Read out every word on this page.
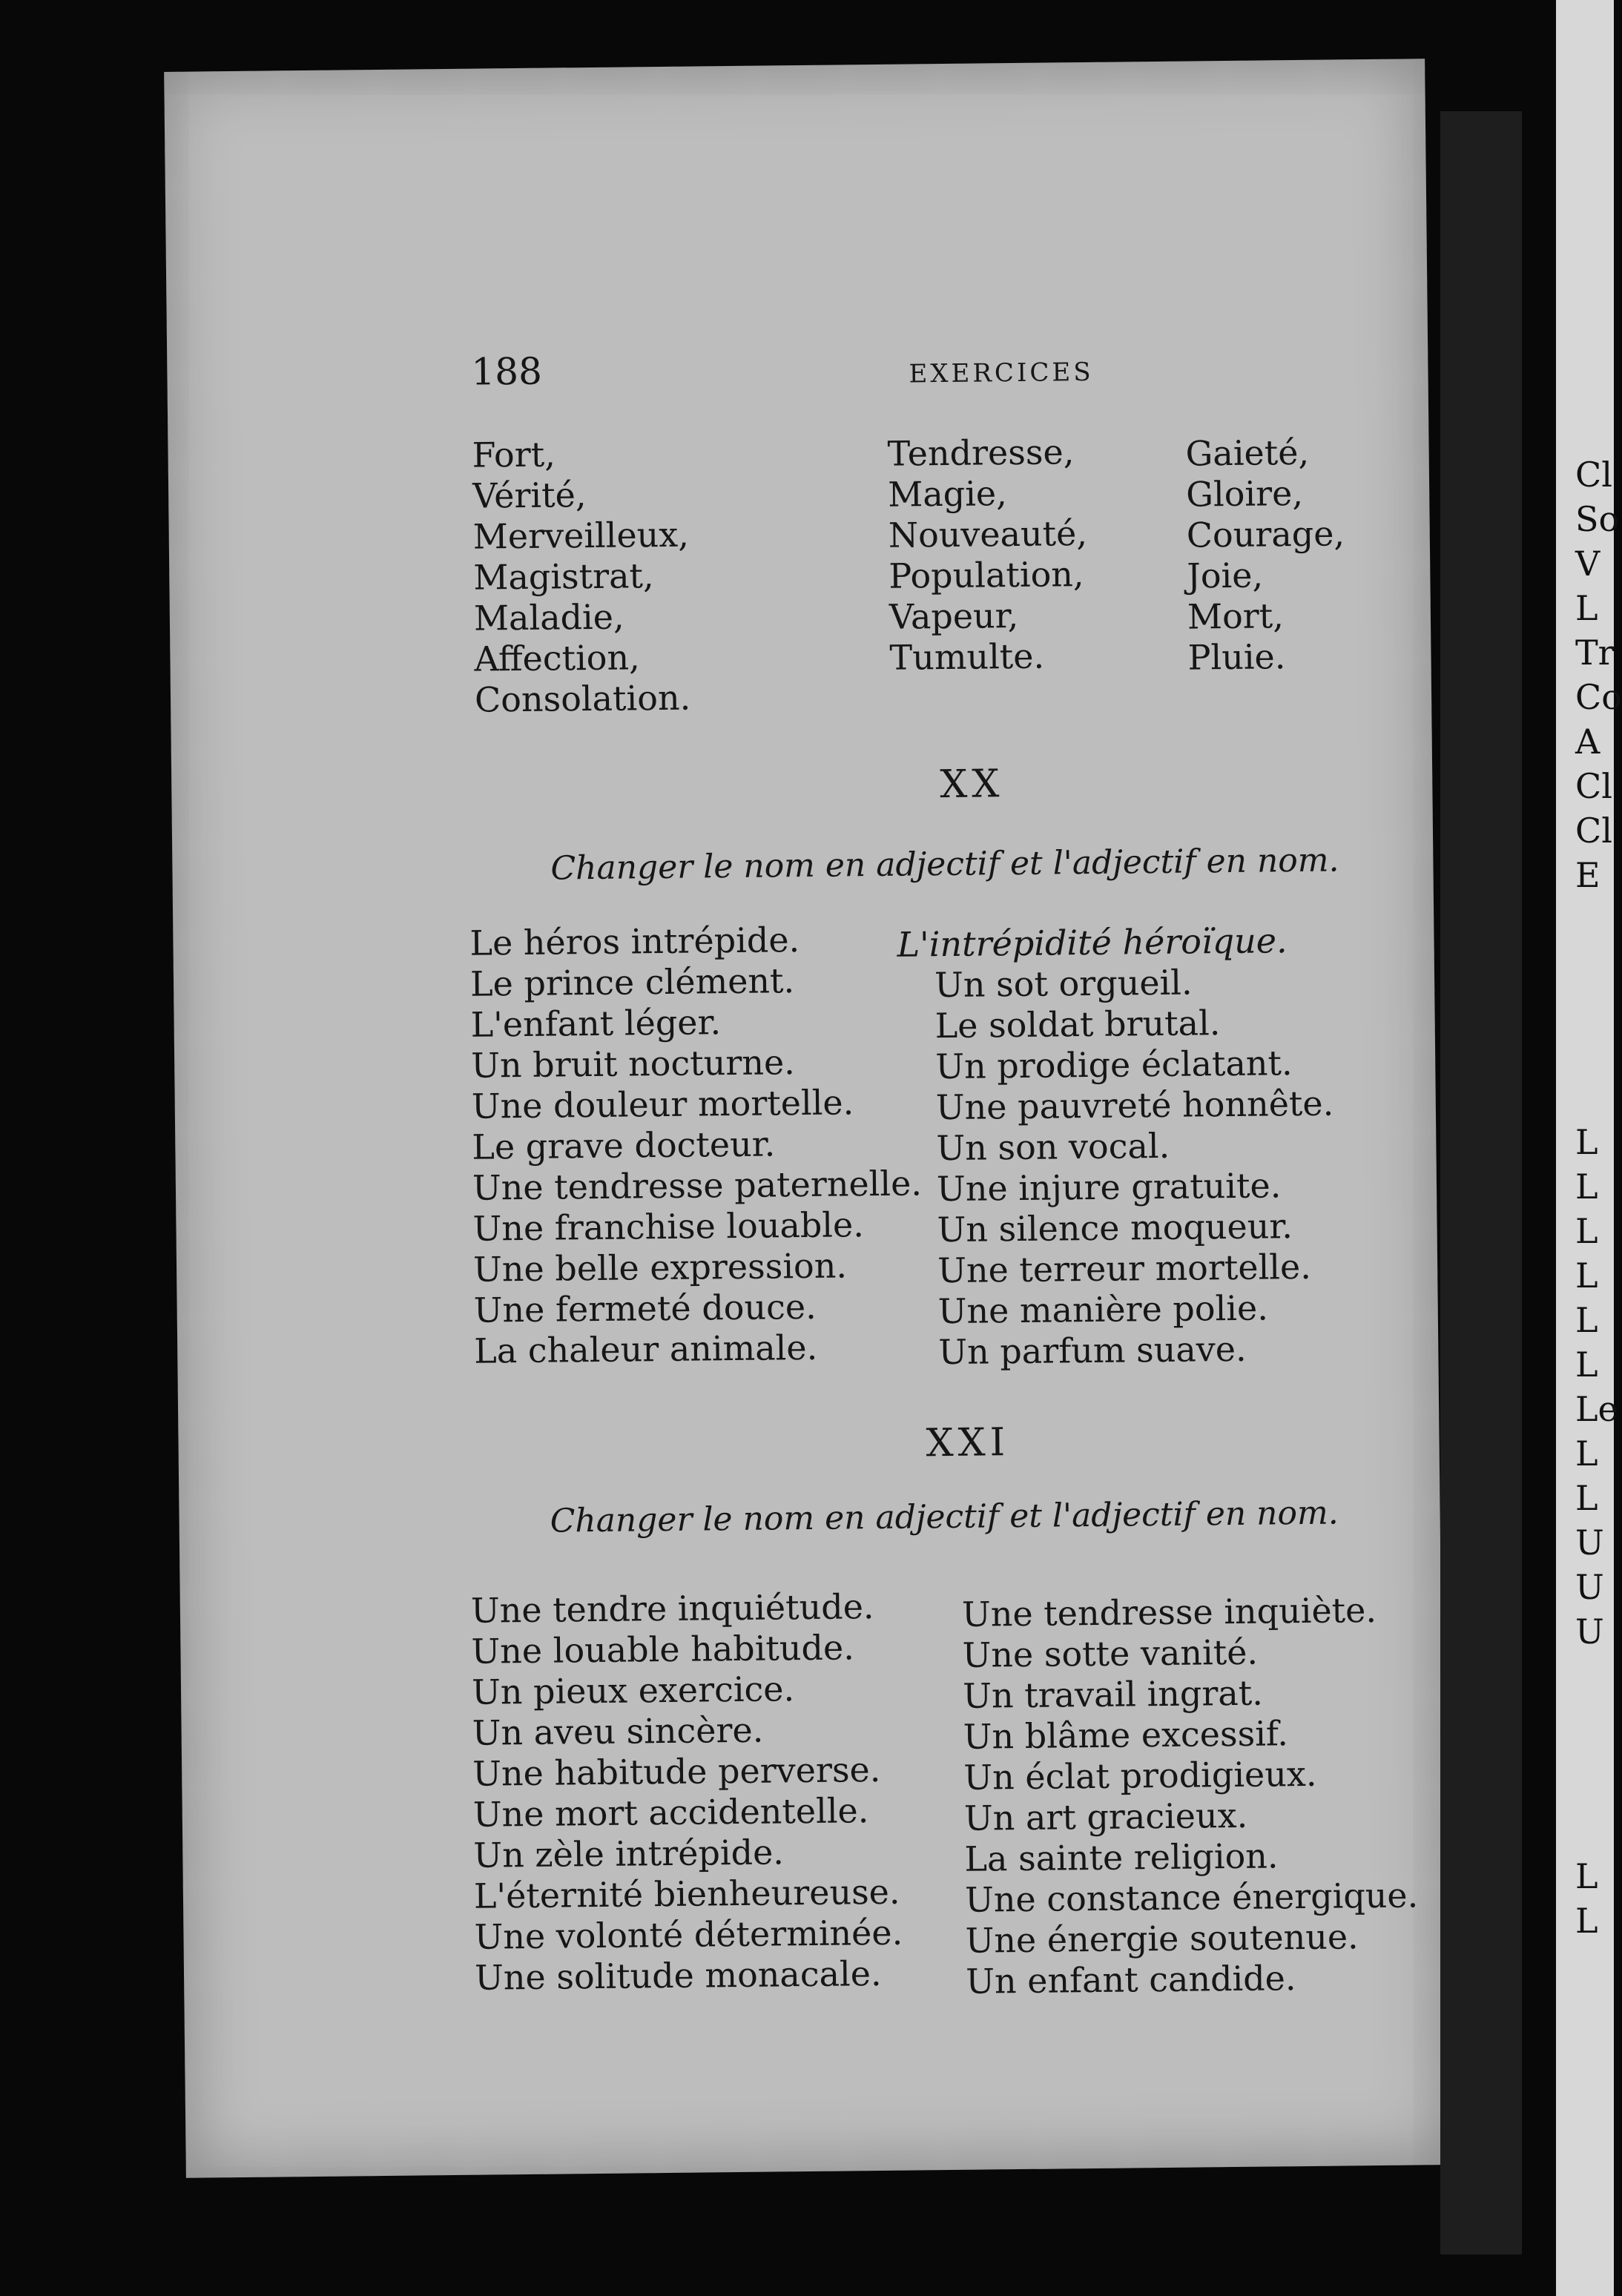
188	EXERCICES
Fort,
Vérité,
Merveilleux,
Magistrat,
Maladie,
Affection,
Consolation.
Tendresse,
Magie,
Nouveauté,
Population,
Vapeur,
Tumulte.
Gaieté,
Gloire,
Courage,
Joie,
Mort,
Pluie.
XX
Changer le nom en adjectif et l'adjectif en nom.
Le héros intrépide.
Le prince clément.
L'enfant léger.
Un bruit nocturne.
Une douleur mortelle.
Le grave docteur.
Une tendresse paternelle.
Une franchise louable.
Une belle expression.
Une fermeté douce.
La chaleur animale.
L'intrépidité héroïque.
Un sot orgueil.
Le soldat brutal.
Un prodige éclatant.
Une pauvreté honnête.
Un son vocal.
Une injure gratuite.
Un silence moqueur.
Une terreur mortelle.
Une manière polie.
Un parfum suave.
XXI
Changer le nom en adjectif et l'adjectif en nom.
Une tendre inquiétude.
Une louable habitude.
Un pieux exercice.
Un aveu sincère.
Une habitude perverse.
Une mort accidentelle.
Un zèle intrépide.
L'éternité bienheureuse.
Une volonté déterminée.
Une solitude monacale.
Une tendresse inquiète.
Une sotte vanité.
Un travail ingrat.
Un blâme excessif.
Un éclat prodigieux.
Un art gracieux.
La sainte religion.
Une constance énergique.
Une énergie soutenue.
Un enfant candide.
Cl
So
V
L
Tr
Co
A
Cl
Cl
E
L
L
L
L
L
L
Le
L
L
U
U
U
L
L
